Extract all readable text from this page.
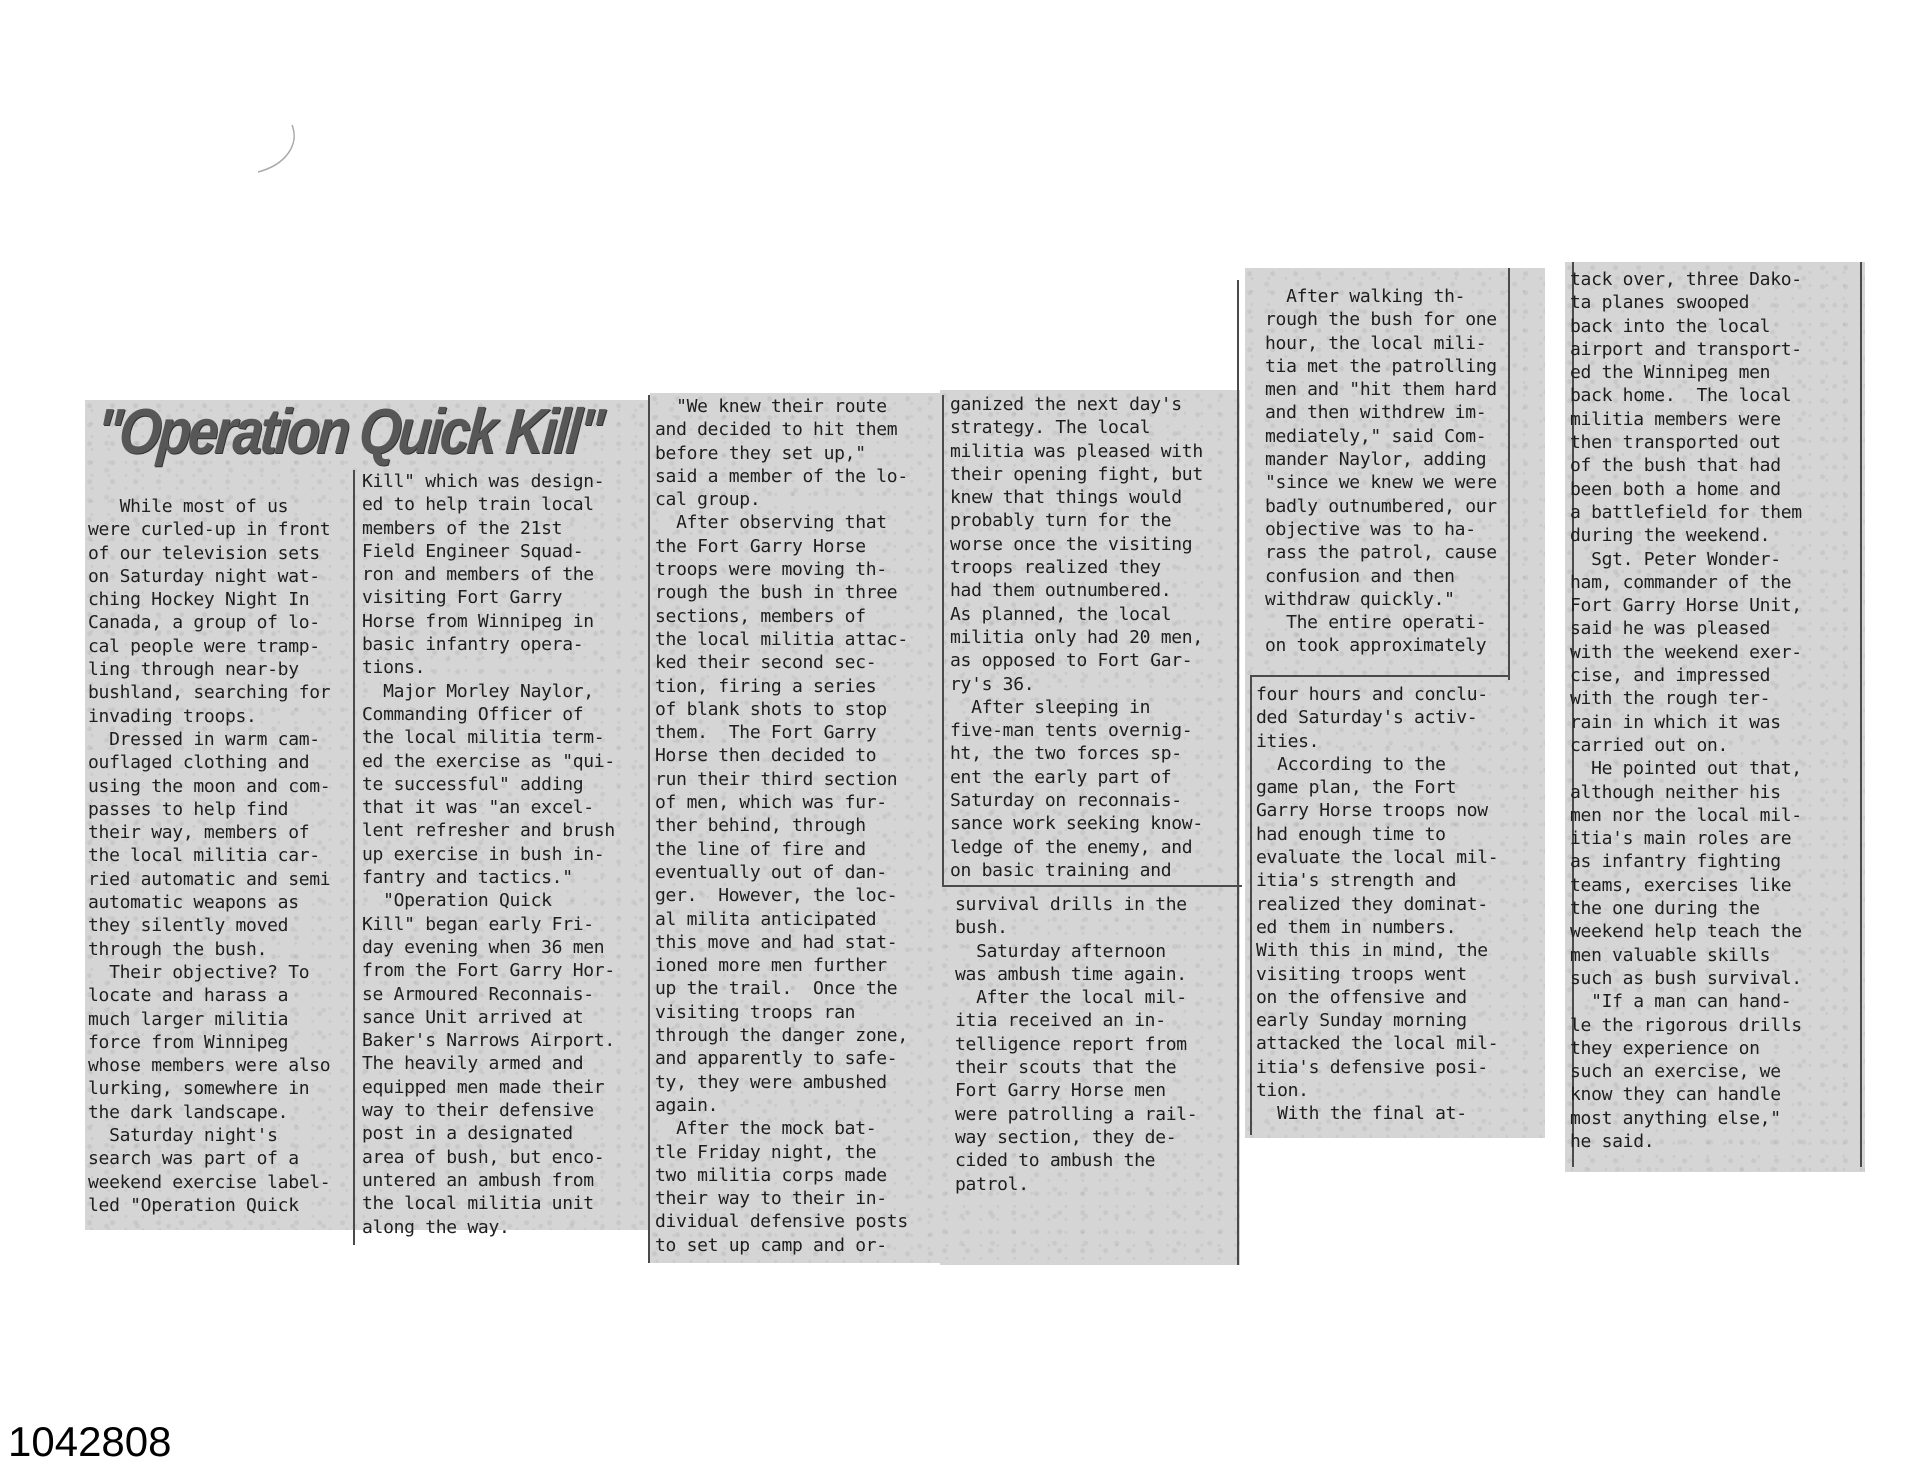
"Operation Quick Kill"

While most of us
were curled-up in front
of our television sets
on Saturday night wat-
ching Hockey Night In
Canada, a group of lo-
cal people were tramp-
ling through near-by
bushland, searching for
invading troops.
Dressed in warm cam-
ouflaged clothing and
using the moon and com-
passes to help find
their way, members of
the local militia car-
ried automatic and semi
automatic weapons as
they silently moved
through the bush.
Their objective? To
locate and harass a
much larger militia
force from Winnipeg
whose members were also
lurking, somewhere in
the dark landscape.
Saturday night's
search was part of a
weekend exercise label-
led "Operation Quick

Kill" which was design-
ed to help train local
members of the 21st
Field Engineer Squad-
ron and members of the
visiting Fort Garry
Horse from Winnipeg in
basic infantry opera-
tions.
Major Morley Naylor,
Commanding Officer of
the local militia term-
ed the exercise as "qui-
te successful" adding
that it was "an excel-
lent refresher and brush
up exercise in bush in-
fantry and tactics."
"Operation Quick
Kill" began early Fri-
day evening when 36 men
from the Fort Garry Hor-
se Armoured Reconnais-
sance Unit arrived at
Baker's Narrows Airport.
The heavily armed and
equipped men made their
way to their defensive
post in a designated
area of bush, but enco-
untered an ambush from
the local militia unit
along the way.

"We knew their route
and decided to hit them
before they set up,"
said a member of the lo-
cal group.
After observing that
the Fort Garry Horse
troops were moving th-
rough the bush in three
sections, members of
the local militia attac-
ked their second sec-
tion, firing a series
of blank shots to stop
them.  The Fort Garry
Horse then decided to
run their third section
of men, which was fur-
ther behind, through
the line of fire and
eventually out of dan-
ger.  However, the loc-
al milita anticipated
this move and had stat-
ioned more men further
up the trail.  Once the
visiting troops ran
through the danger zone,
and apparently to safe-
ty, they were ambushed
again.
After the mock bat-
tle Friday night, the
two militia corps made
their way to their in-
dividual defensive posts
to set up camp and or-

ganized the next day's
strategy. The local
militia was pleased with
their opening fight, but
knew that things would
probably turn for the
worse once the visiting
troops realized they
had them outnumbered.
As planned, the local
militia only had 20 men,
as opposed to Fort Gar-
ry's 36.
After sleeping in
five-man tents overnig-
ht, the two forces sp-
ent the early part of
Saturday on reconnais-
sance work seeking know-
ledge of the enemy, and
on basic training and

survival drills in the
bush.
Saturday afternoon
was ambush time again.
After the local mil-
itia received an in-
telligence report from
their scouts that the
Fort Garry Horse men
were patrolling a rail-
way section, they de-
cided to ambush the
patrol.

After walking th-
rough the bush for one
hour, the local mili-
tia met the patrolling
men and "hit them hard
and then withdrew im-
mediately," said Com-
mander Naylor, adding
"since we knew we were
badly outnumbered, our
objective was to ha-
rass the patrol, cause
confusion and then
withdraw quickly."
The entire operati-
on took approximately

four hours and conclu-
ded Saturday's activ-
ities.
According to the
game plan, the Fort
Garry Horse troops now
had enough time to
evaluate the local mil-
itia's strength and
realized they dominat-
ed them in numbers.
With this in mind, the
visiting troops went
on the offensive and
early Sunday morning
attacked the local mil-
itia's defensive posi-
tion.
With the final at-

tack over, three Dako-
ta planes swooped
back into the local
airport and transport-
ed the Winnipeg men
back home.  The local
militia members were
then transported out
of the bush that had
been both a home and
a battlefield for them
during the weekend.
Sgt. Peter Wonder-
ham, commander of the
Fort Garry Horse Unit,
said he was pleased
with the weekend exer-
cise, and impressed
with the rough ter-
rain in which it was
carried out on.
He pointed out that,
although neither his
men nor the local mil-
itia's main roles are
as infantry fighting
teams, exercises like
the one during the
weekend help teach the
men valuable skills
such as bush survival.
"If a man can hand-
le the rigorous drills
they experience on
such an exercise, we
know they can handle
most anything else,"
he said.

1042808
